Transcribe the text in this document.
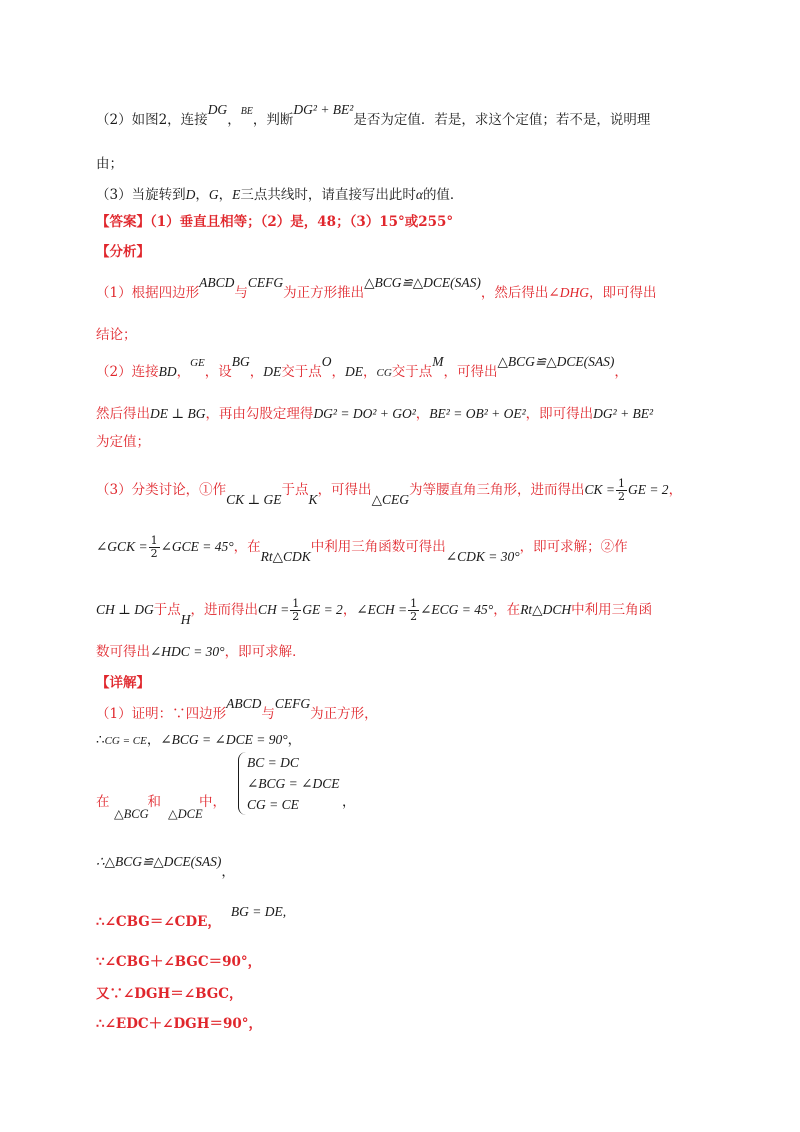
（2）如图2，连接DG，$^{BE}$，判断DG² + BE²是否为定值．若是，求这个定值；若不是，说明理
由；
（3）当旋转到D，G，E三点共线时，请直接写出此时α的值．
【答案】（1）垂直且相等；（2）是，48；（3）15°或255°
【分析】
（1）根据四边形ABCD与CEFG为正方形推出△BCG≌△DCE(SAS)，然后得出∠DHG，即可得出
结论；
（2）连接BD，$^{GE}$，设BG，DE交于点O，DE，CG交于点M，可得出△BCG≌△DCE(SAS)，
然后得出DE ⊥ BG，再由勾股定理得DG² = DO² + GO²，BE² = OB² + OE²，即可得出DG² + BE²
为定值；
（3）分类讨论，①作CK ⊥ GE于点K，可得出△CEG为等腰直角三角形，进而得出CK = $\frac{1}{2}$ GE = 2，
∠GCK = $\frac{1}{2}$ ∠GCE = 45°，在Rt△CDK中利用三角函数可得出∠CDK = 30°，即可求解；②作
CH ⊥ DG于点H，进而得出CH = $\frac{1}{2}$ GE = 2，∠ECH = $\frac{1}{2}$ ∠ECG = 45°，在Rt△DCH中利用三角函
数可得出∠HDC = 30°，即可求解．
【详解】
（1）证明：∵四边形ABCD与CEFG为正方形，
∴CG = CE，∠BCG = ∠DCE = 90°，
在	和	中，
△BCG △DCE
BC = DC
∠BCG = ∠DCE
CG = CE	，
∴△BCG≌△DCE(SAS)，
∴∠CBG＝∠CDE，BG = DE,
∵∠CBG＋∠BGC＝90°，
又∵∠DGH＝∠BGC，
∴∠EDC＋∠DGH＝90°，
